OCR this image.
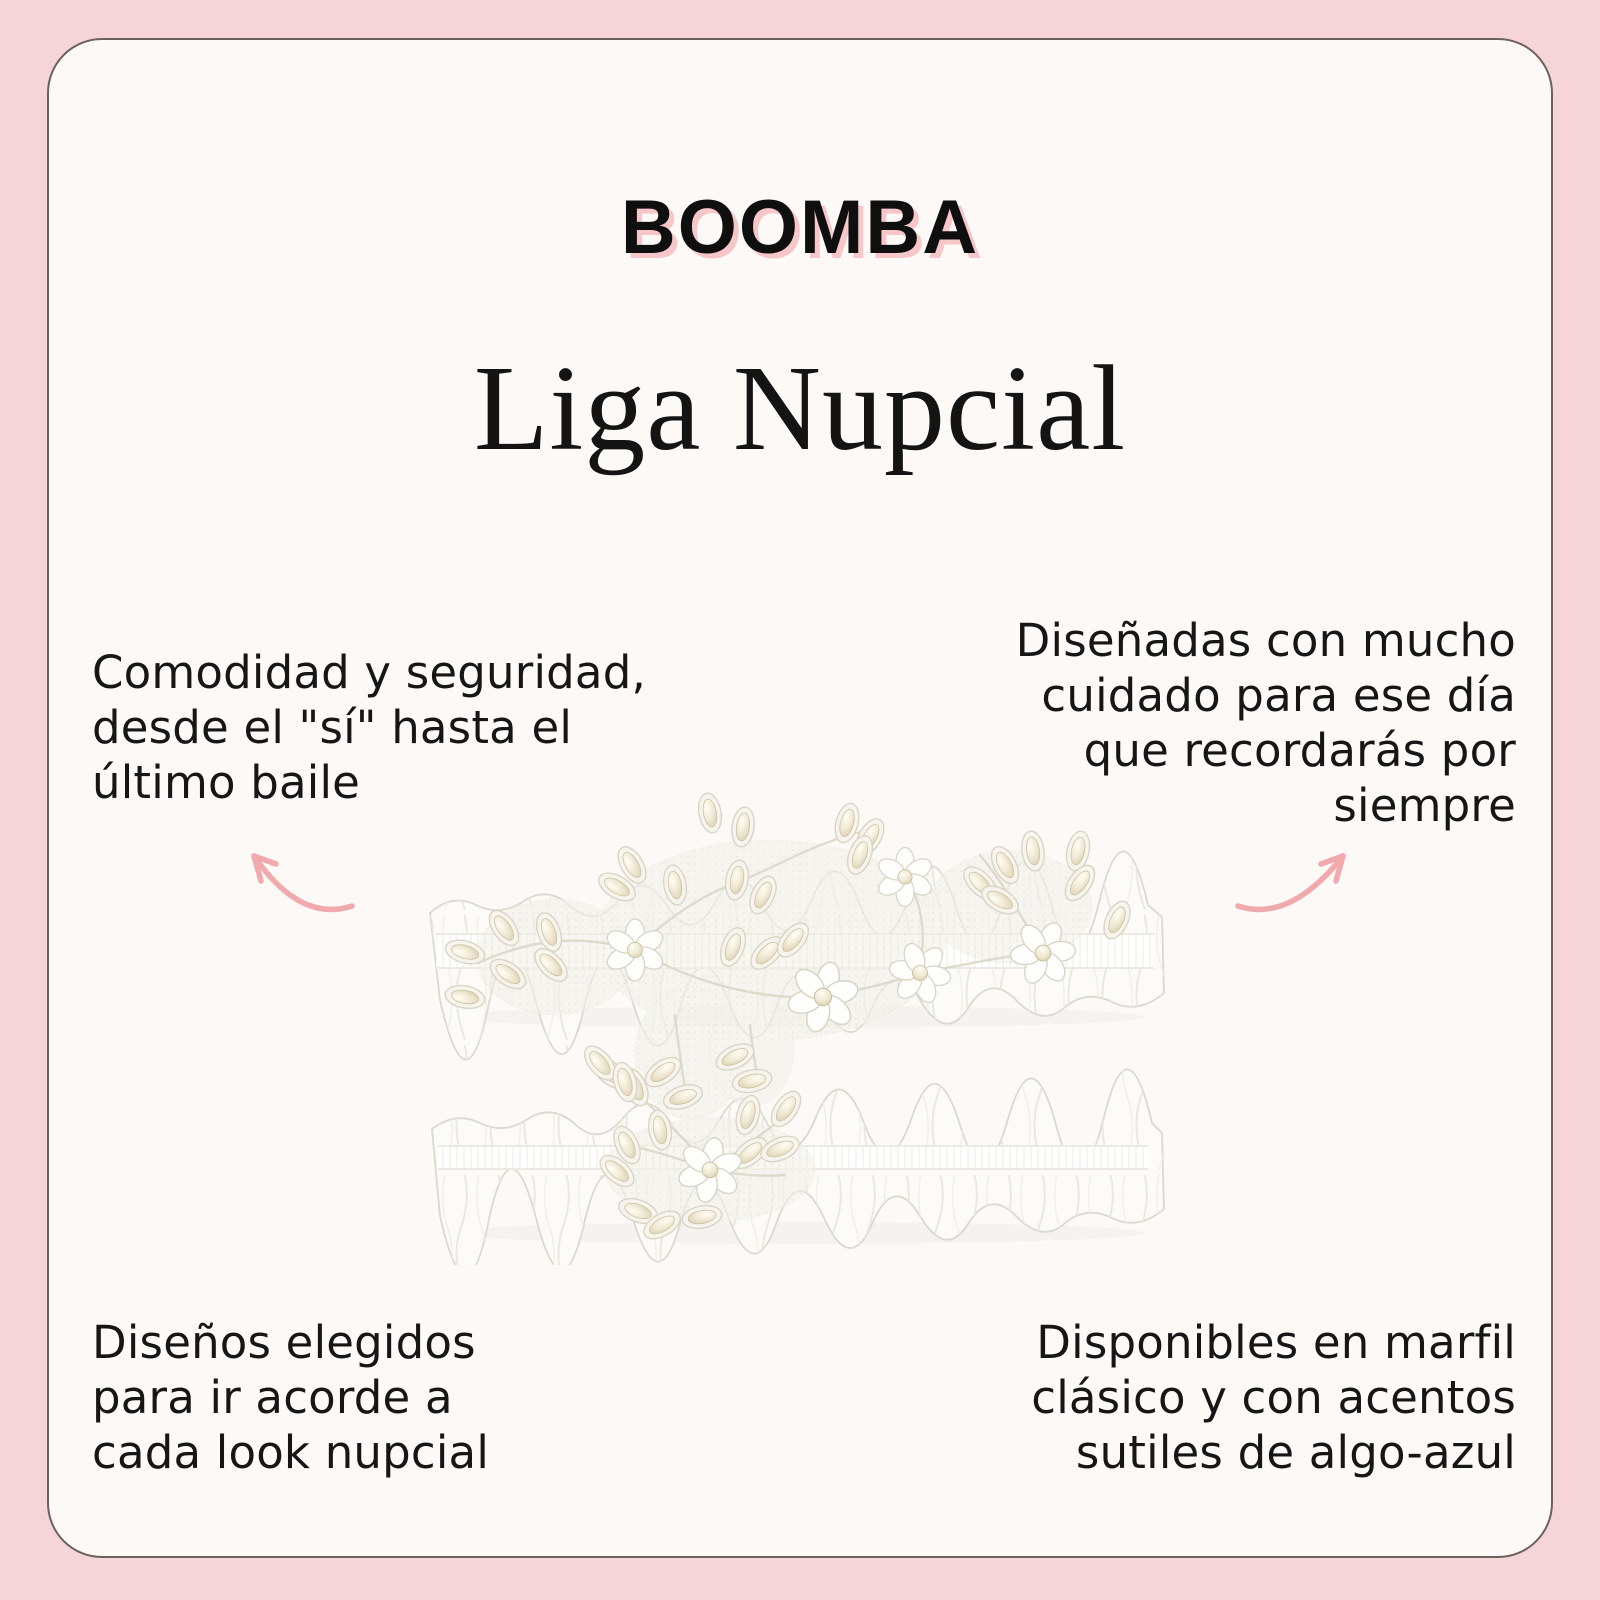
BOOMBA
Liga Nupcial
Comodidad y seguridad,
desde el "sí" hasta el
último baile
Diseñadas con mucho
cuidado para ese día
que recordarás por
siempre
Diseños elegidos
para ir acorde a
cada look nupcial
Disponibles en marfil
clásico y con acentos
sutiles de algo-azul
